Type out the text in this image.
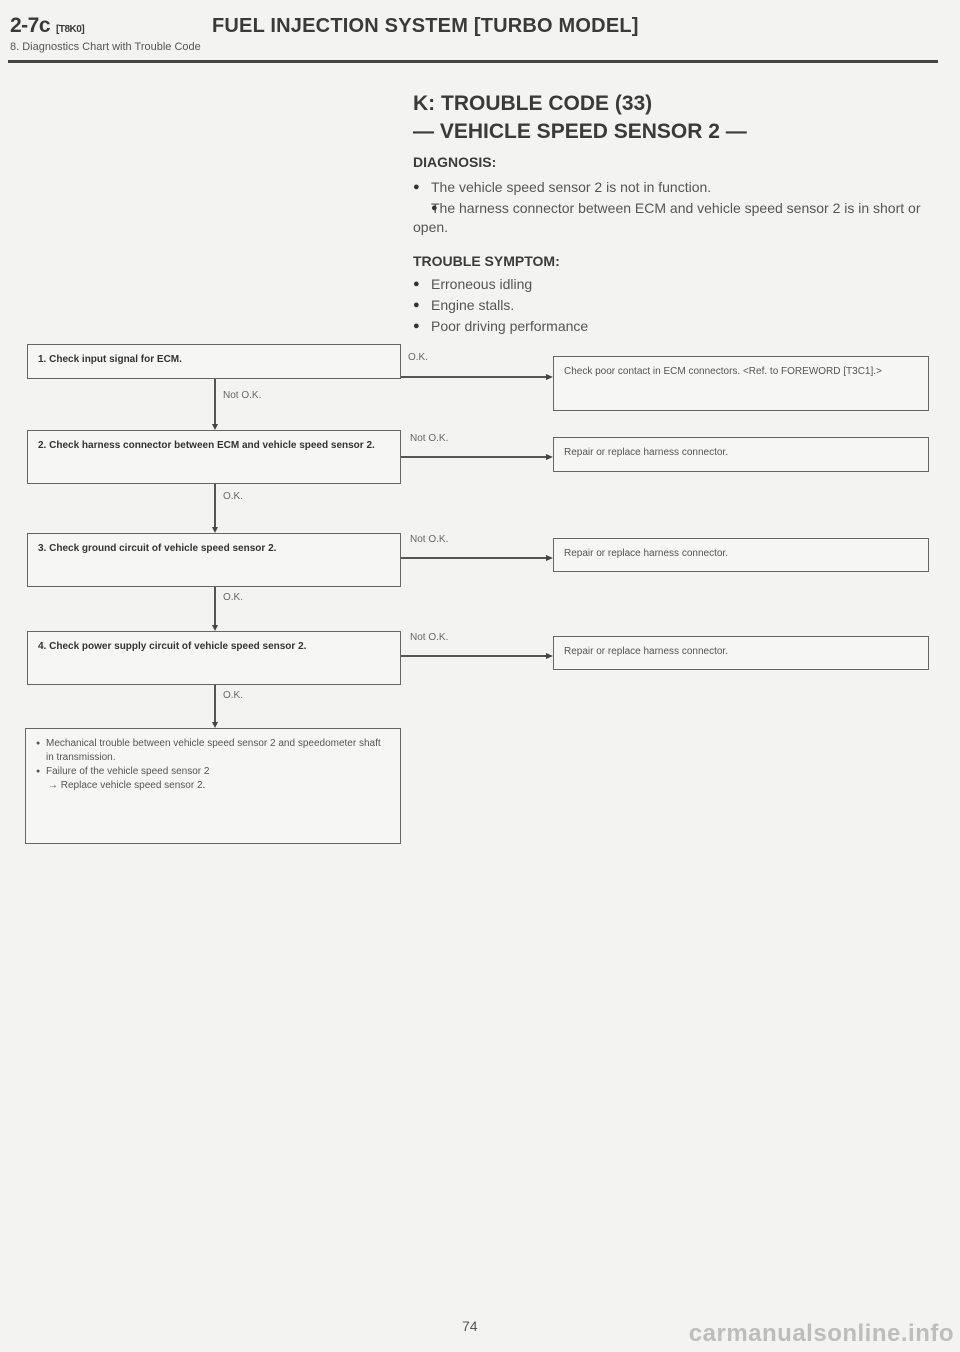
2-7c [T8K0]	FUEL INJECTION SYSTEM [TURBO MODEL]
8. Diagnostics Chart with Trouble Code
K: TROUBLE CODE (33)
— VEHICLE SPEED SENSOR 2 —
DIAGNOSIS:
● The vehicle speed sensor 2 is not in function.
● The harness connector between ECM and vehicle speed sensor 2 is in short or open.
TROUBLE SYMPTOM:
● Erroneous idling
● Engine stalls.
● Poor driving performance
1. Check input signal for ECM.
2. Check harness connector between ECM and vehicle speed sensor 2.
3. Check ground circuit of vehicle speed sensor 2.
4. Check power supply circuit of vehicle speed sensor 2.
● Mechanical trouble between vehicle speed sensor 2 and speedometer shaft in transmission.
● Failure of the vehicle speed sensor 2
→ Replace vehicle speed sensor 2.
Check poor contact in ECM connectors. <Ref. to FOREWORD [T3C1].>
Repair or replace harness connector.
Repair or replace harness connector.
Repair or replace harness connector.
Not O.K.
O.K.
O.K.
O.K.
O.K.
Not O.K.
Not O.K.
Not O.K.
74	carmanualsonline.info
